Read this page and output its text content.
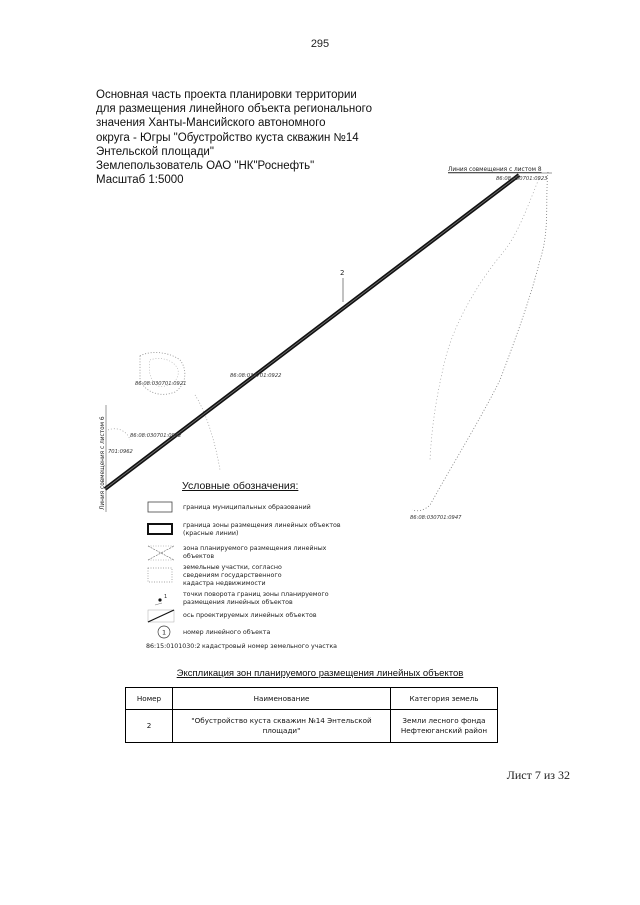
295
Основная часть проекта планировки территории
для размещения линейного объекта регионального
значения Ханты-Мансийского автономного
округа - Югры "Обустройство куста скважин №14
Энтельской площади"
Землепользователь ОАО "НК"Роснефть"
Масштаб 1:5000
2
Линия совмещения с листом 8
Линия совмещения с листом 6
86:08:030701:0923
86:08:030701:0922
86:08:030701:0921
86:08:030701:0962
701:0962
86:08:030701:0947
1
1
86:15:0101030:2
Условные обозначения:
граница муниципальных образований
граница зоны размещения линейных объектов (красные линии)
зона планируемого размещения линейных объектов
земельные участки, согласно сведениям государственного кадастра недвижимости
точки поворота границ зоны планируемого размещения линейных объектов
ось проектируемых линейных объектов
номер линейного объекта
кадастровый номер земельного участка
Экспликация зон планируемого размещения линейных объектов
Номер	Наименование	Категория земель
2	"Обустройство куста скважин №14 Энтельской площади"	Земли лесного фонда
Нефтеюганский район
Лист 7 из 32
